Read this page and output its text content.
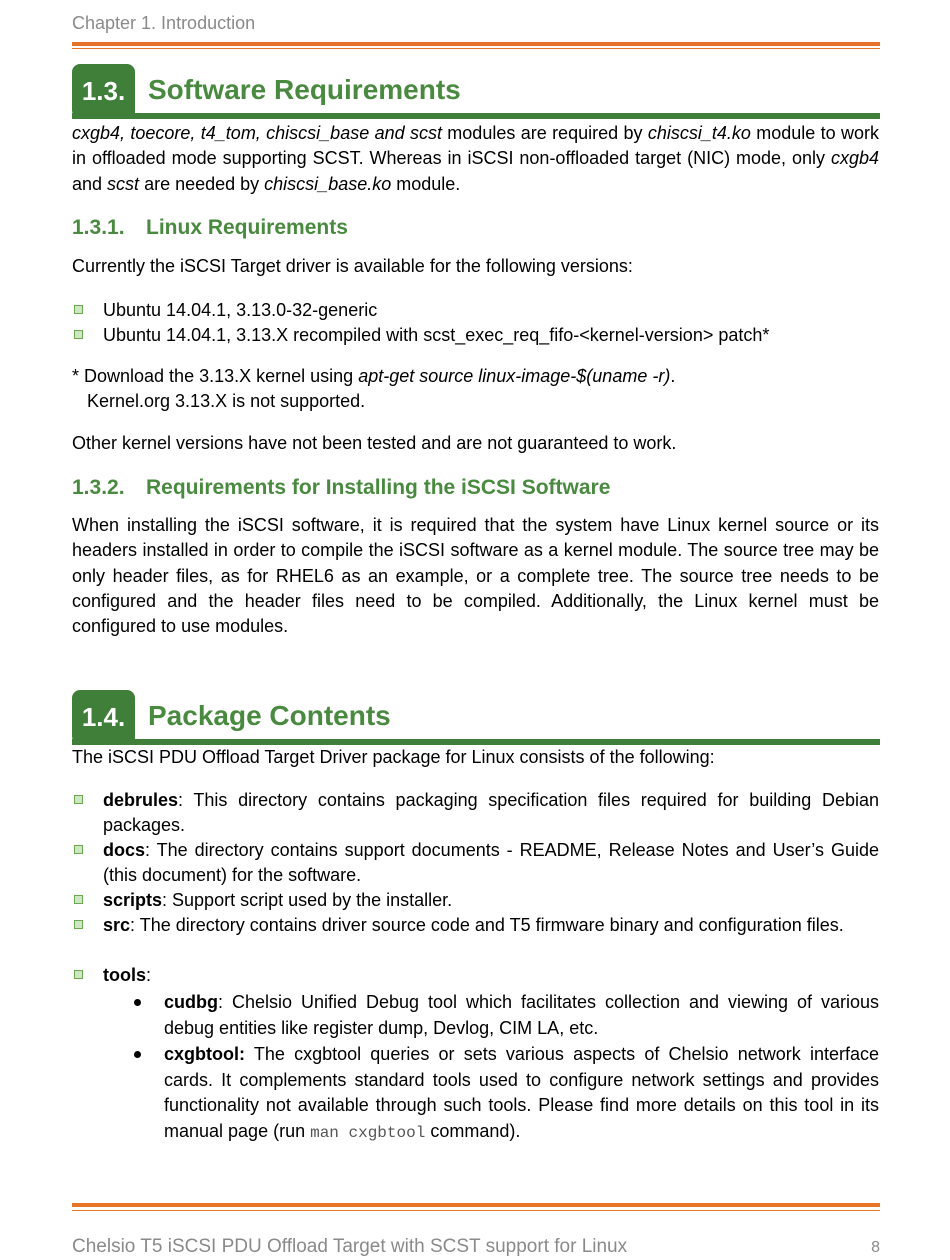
Chapter 1. Introduction
1.3. Software Requirements
cxgb4, toecore, t4_tom, chiscsi_base and scst modules are required by chiscsi_t4.ko module to work in offloaded mode supporting SCST. Whereas in iSCSI non-offloaded target (NIC) mode, only cxgb4 and scst are needed by chiscsi_base.ko module.
1.3.1. Linux Requirements
Currently the iSCSI Target driver is available for the following versions:
Ubuntu 14.04.1, 3.13.0-32-generic
Ubuntu 14.04.1, 3.13.X recompiled with scst_exec_req_fifo-<kernel-version> patch*
* Download the 3.13.X kernel using apt-get source linux-image-$(uname -r).
Kernel.org 3.13.X is not supported.
Other kernel versions have not been tested and are not guaranteed to work.
1.3.2. Requirements for Installing the iSCSI Software
When installing the iSCSI software, it is required that the system have Linux kernel source or its headers installed in order to compile the iSCSI software as a kernel module. The source tree may be only header files, as for RHEL6 as an example, or a complete tree. The source tree needs to be configured and the header files need to be compiled. Additionally, the Linux kernel must be configured to use modules.
1.4. Package Contents
The iSCSI PDU Offload Target Driver package for Linux consists of the following:
debrules: This directory contains packaging specification files required for building Debian packages.
docs: The directory contains support documents - README, Release Notes and User’s Guide (this document) for the software.
scripts: Support script used by the installer.
src: The directory contains driver source code and T5 firmware binary and configuration files.
tools:
cudbg: Chelsio Unified Debug tool which facilitates collection and viewing of various debug entities like register dump, Devlog, CIM LA, etc.
cxgbtool: The cxgbtool queries or sets various aspects of Chelsio network interface cards. It complements standard tools used to configure network settings and provides functionality not available through such tools. Please find more details on this tool in its manual page (run man cxgbtool command).
Chelsio T5 iSCSI PDU Offload Target with SCST support for Linux	8
